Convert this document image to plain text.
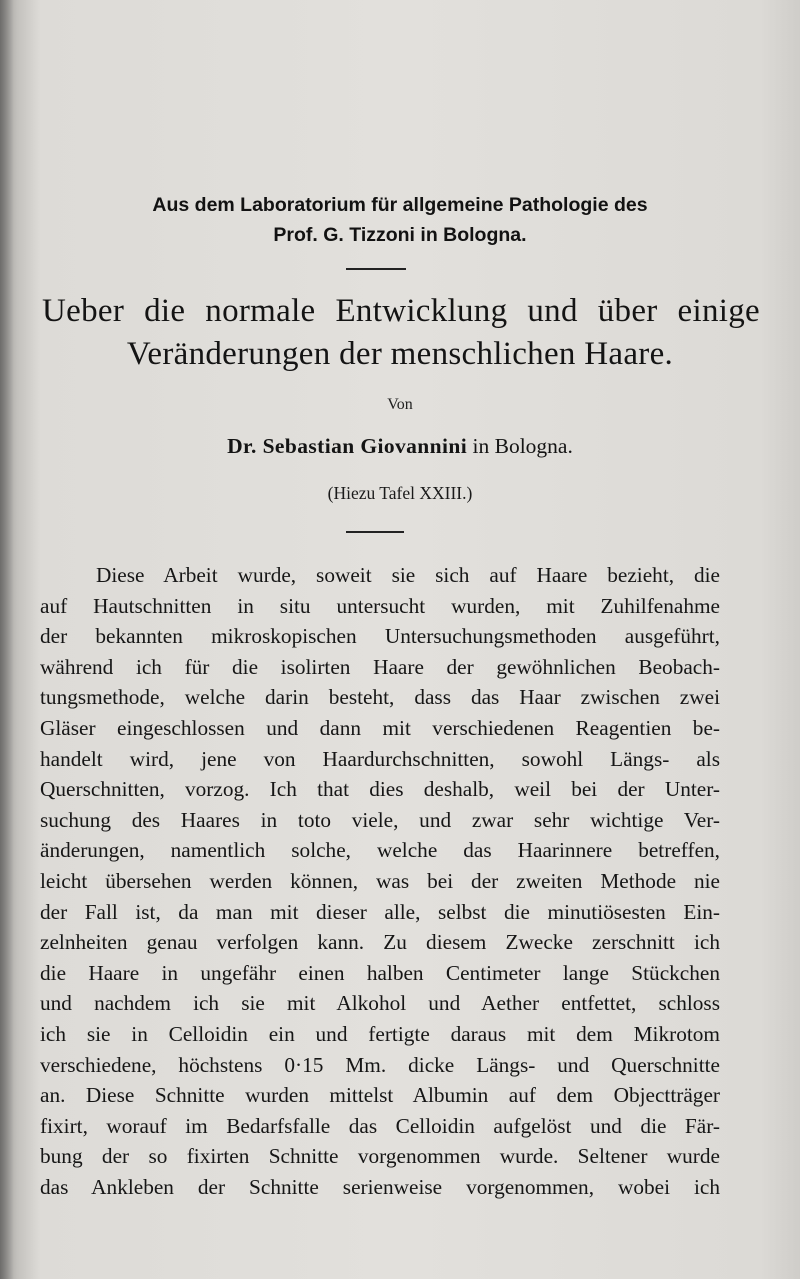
Aus dem Laboratorium für allgemeine Pathologie des
Prof. G. Tizzoni in Bologna.
Ueber die normale Entwicklung und über einige
Veränderungen der menschlichen Haare.
Von
Dr. Sebastian Giovannini in Bologna.
(Hiezu Tafel XXIII.)
Diese Arbeit wurde, soweit sie sich auf Haare bezieht, die
auf Hautschnitten in situ untersucht wurden, mit Zuhilfenahme
der bekannten mikroskopischen Untersuchungsmethoden ausgeführt,
während ich für die isolirten Haare der gewöhnlichen Beobach-
tungsmethode, welche darin besteht, dass das Haar zwischen zwei
Gläser eingeschlossen und dann mit verschiedenen Reagentien be-
handelt wird, jene von Haardurchschnitten, sowohl Längs- als
Querschnitten, vorzog. Ich that dies deshalb, weil bei der Unter-
suchung des Haares in toto viele, und zwar sehr wichtige Ver-
änderungen, namentlich solche, welche das Haarinnere betreffen,
leicht übersehen werden können, was bei der zweiten Methode nie
der Fall ist, da man mit dieser alle, selbst die minutiösesten Ein-
zelnheiten genau verfolgen kann. Zu diesem Zwecke zerschnitt ich
die Haare in ungefähr einen halben Centimeter lange Stückchen
und nachdem ich sie mit Alkohol und Aether entfettet, schloss
ich sie in Celloidin ein und fertigte daraus mit dem Mikrotom
verschiedene, höchstens 0·15 Mm. dicke Längs- und Querschnitte
an. Diese Schnitte wurden mittelst Albumin auf dem Objectträger
fixirt, worauf im Bedarfsfalle das Celloidin aufgelöst und die Fär-
bung der so fixirten Schnitte vorgenommen wurde. Seltener wurde
das Ankleben der Schnitte serienweise vorgenommen, wobei ich
